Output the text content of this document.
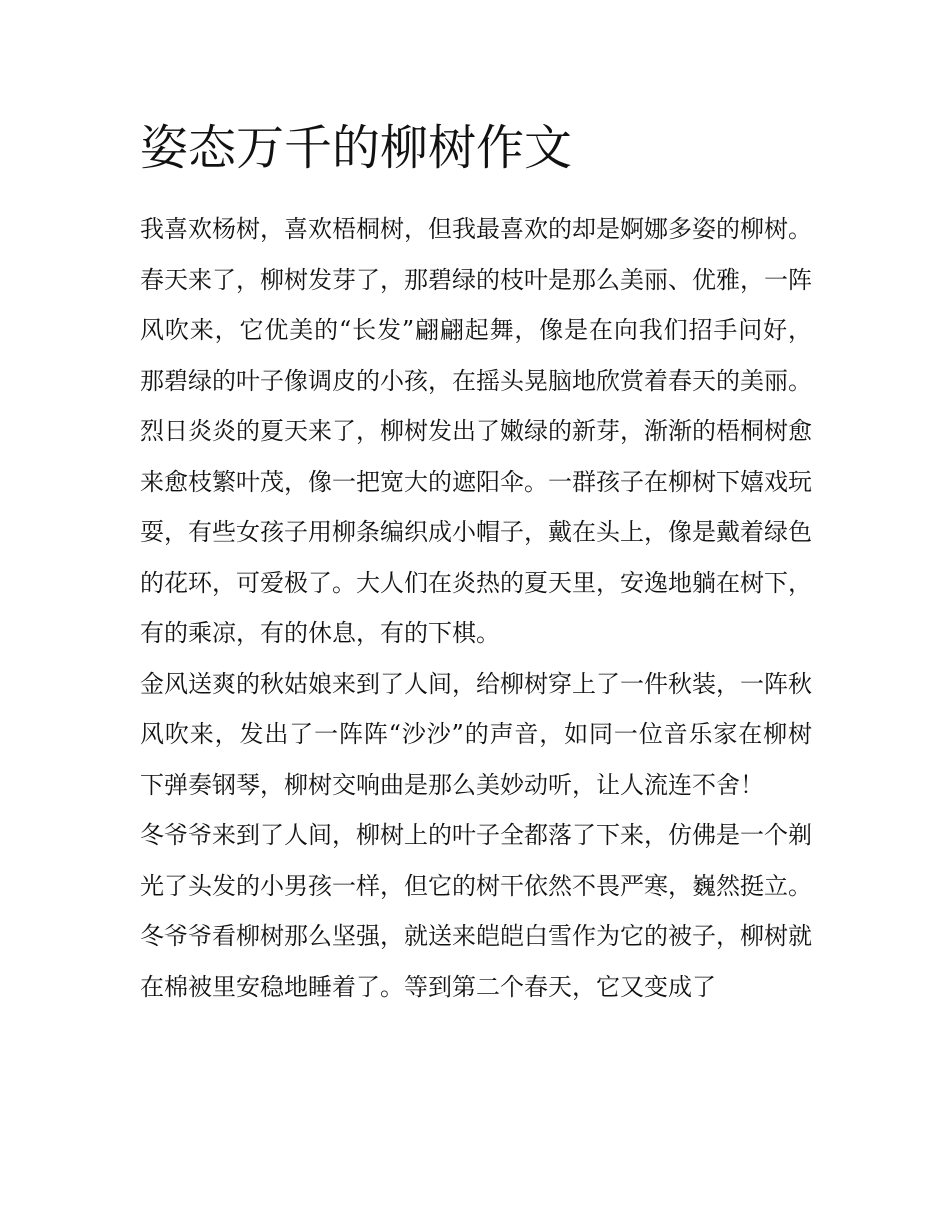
姿态万千的柳树作文

我喜欢杨树，喜欢梧桐树，但我最喜欢的却是婀娜多姿的柳树。

春天来了，柳树发芽了，那碧绿的枝叶是那么美丽、优雅，一阵风吹来，它优美的“长发”翩翩起舞，像是在向我们招手问好，那碧绿的叶子像调皮的小孩，在摇头晃脑地欣赏着春天的美丽。

烈日炎炎的夏天来了，柳树发出了嫩绿的新芽，渐渐的梧桐树愈来愈枝繁叶茂，像一把宽大的遮阳伞。一群孩子在柳树下嬉戏玩耍，有些女孩子用柳条编织成小帽子，戴在头上，像是戴着绿色的花环，可爱极了。大人们在炎热的夏天里，安逸地躺在树下，有的乘凉，有的休息，有的下棋。

金风送爽的秋姑娘来到了人间，给柳树穿上了一件秋装，一阵秋风吹来，发出了一阵阵“沙沙”的声音，如同一位音乐家在柳树下弹奏钢琴，柳树交响曲是那么美妙动听，让人流连不舍！

冬爷爷来到了人间，柳树上的叶子全都落了下来，仿佛是一个剃光了头发的小男孩一样，但它的树干依然不畏严寒，巍然挺立。冬爷爷看柳树那么坚强，就送来皑皑白雪作为它的被子，柳树就在棉被里安稳地睡着了。等到第二个春天，它又变成了
